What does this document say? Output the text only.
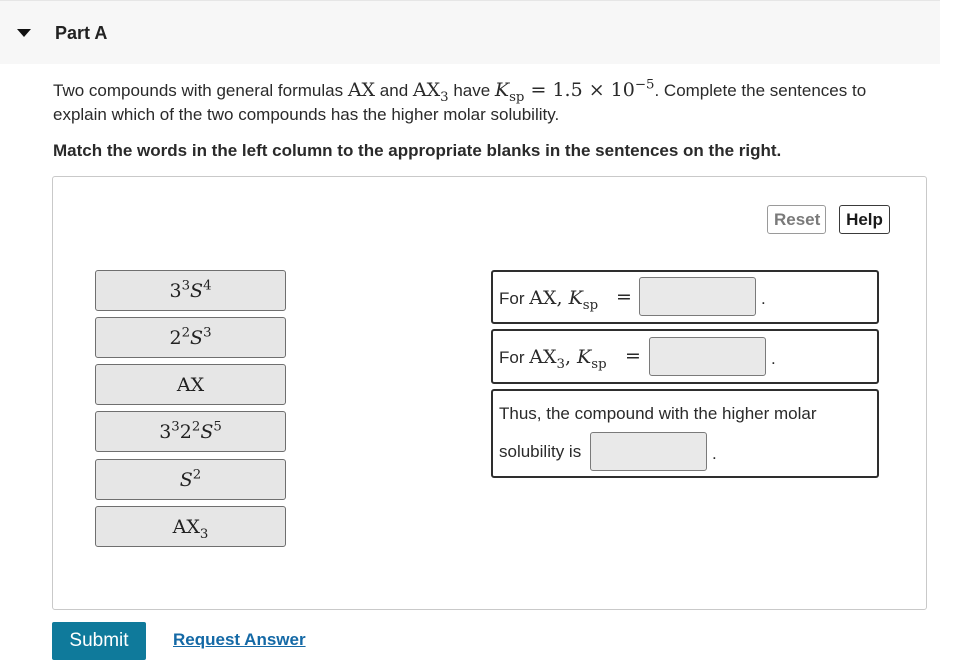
Part A
Two compounds with general formulas AX and $AX_3$ have $K_{sp} = 1.5 \times 10^{-5}$. Complete the sentences to explain which of the two compounds has the higher molar solubility.
Match the words in the left column to the appropriate blanks in the sentences on the right.
Reset	Help
$3^3S^4$
$2^2S^3$
AX
$3^32^2S^5$
$S^2$
$AX_3$
For AX, $K_{sp}$ =	.
For $AX_3$, $K_{sp}$ =	.
Thus, the compound with the higher molar
solubility is	.
Submit	Request Answer
